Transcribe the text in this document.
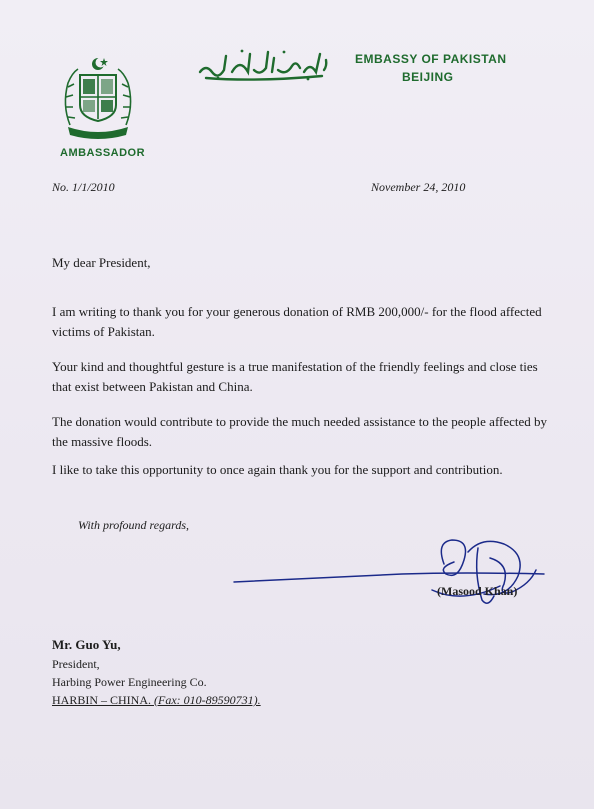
AMBASSADOR
EMBASSY OF PAKISTAN
BEIJING
No. 1/1/2010	November 24, 2010
My dear President,
I am writing to thank you for your generous donation of RMB 200,000/- for the flood affected victims of Pakistan.
Your kind and thoughtful gesture is a true manifestation of the friendly feelings and close ties that exist between Pakistan and China.
The donation would contribute to provide the much needed assistance to the people affected by the massive floods.
I like to take this opportunity to once again thank you for the support and contribution.
With profound regards,
(Masood Khan)
Mr. Guo Yu,
President,
Harbing Power Engineering Co.
HARBIN – CHINA. (Fax: 010-89590731).
